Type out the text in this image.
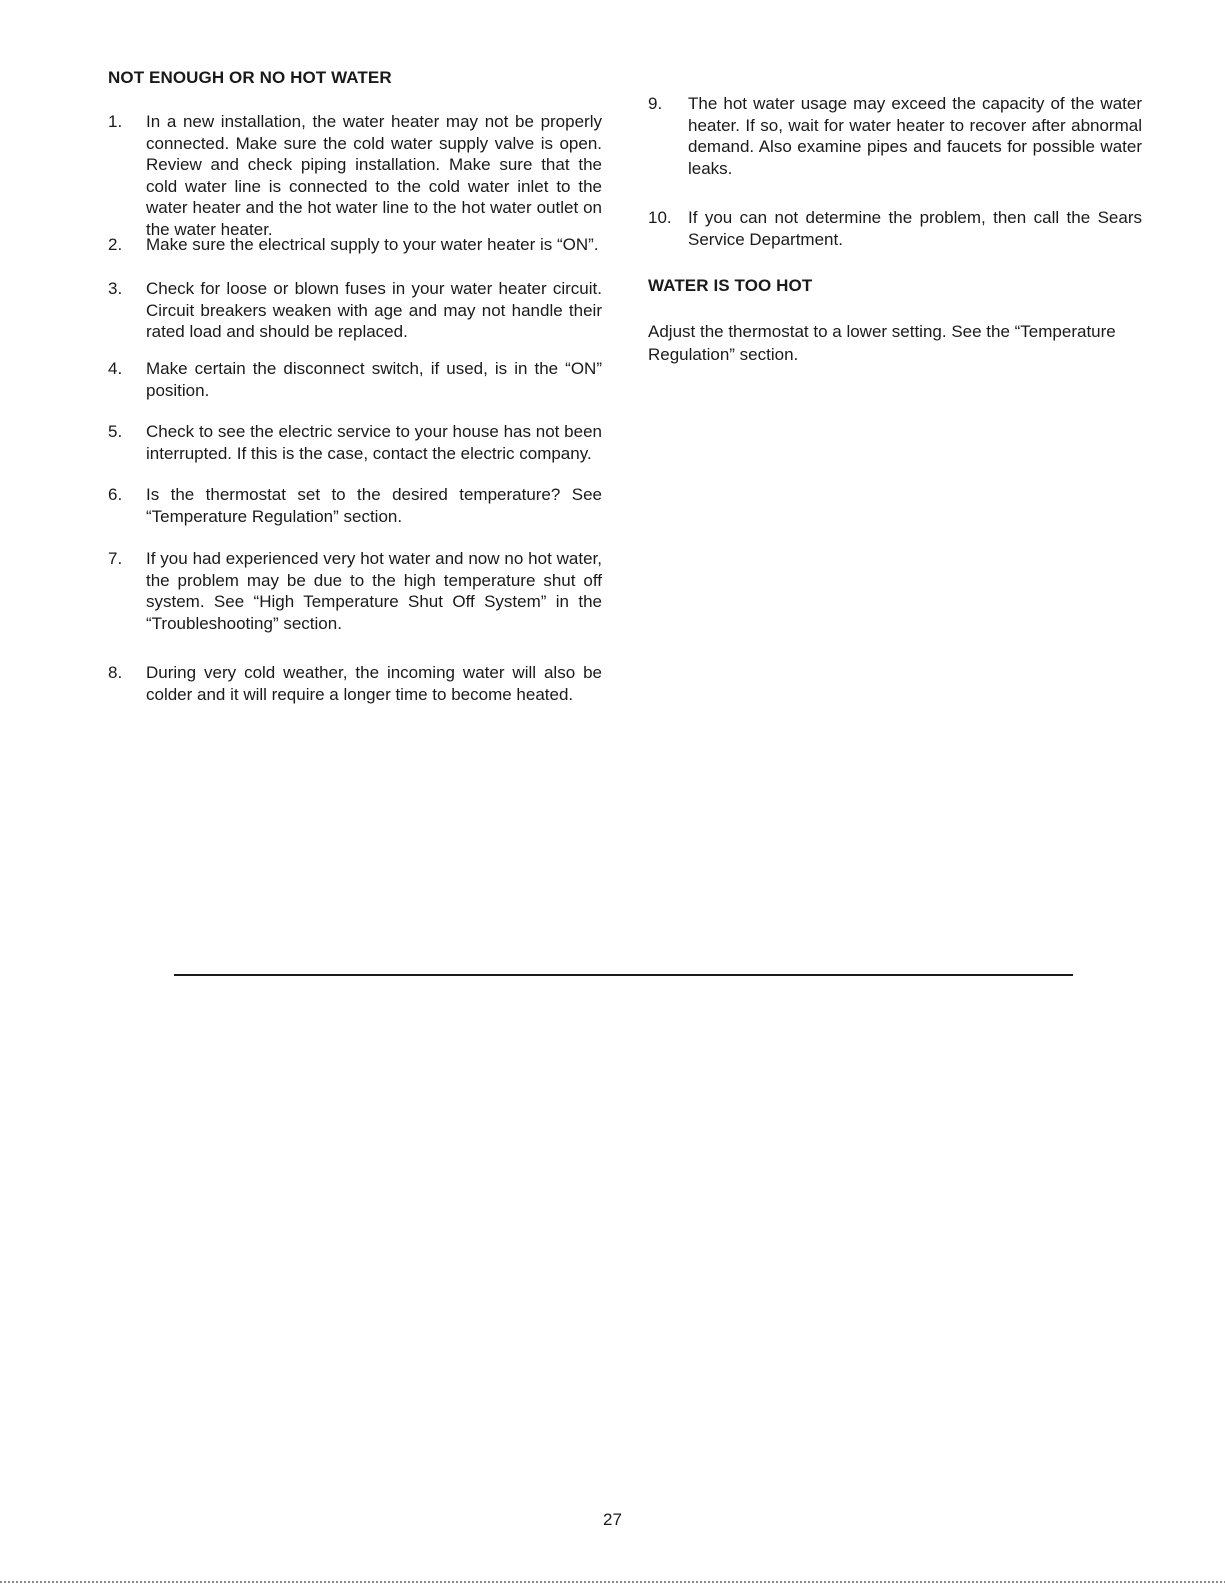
NOT ENOUGH OR NO HOT WATER
1.	In a new installation, the water heater may not be properly connected. Make sure the cold water supply valve is open. Review and check piping installation. Make sure that the cold water line is connected to the cold water inlet to the water heater and the hot water line to the hot water outlet on the water heater.
2.	Make sure the electrical supply to your water heater is “ON”.
3.	Check for loose or blown fuses in your water heater circuit. Circuit breakers weaken with age and may not handle their rated load and should be replaced.
4.	Make certain the disconnect switch, if used, is in the “ON” position.
5.	Check to see the electric service to your house has not been interrupted. If this is the case, contact the electric company.
6.	Is the thermostat set to the desired temperature? See “Temperature Regulation” section.
7.	If you had experienced very hot water and now no hot water, the problem may be due to the high temperature shut off system. See “High Temperature Shut Off System” in the “Troubleshooting” section.
8.	During very cold weather, the incoming water will also be colder and it will require a longer time to become heated.
9.	The hot water usage may exceed the capacity of the water heater. If so, wait for water heater to recover after abnormal demand. Also examine pipes and faucets for possible water leaks.
10. If you can not determine the problem, then call the Sears Service Department.
WATER IS TOO HOT
Adjust the thermostat to a lower setting. See the “Temperature Regulation” section.
27
